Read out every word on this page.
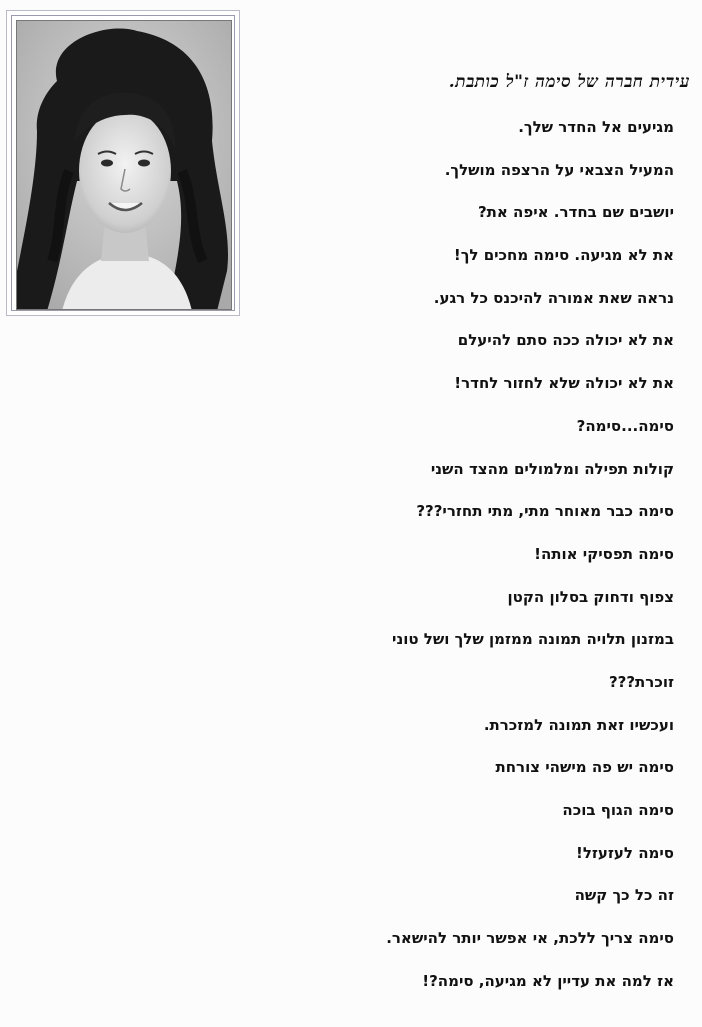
עידית חברה של סימה ז"ל כותבת.
מגיעים אל החדר שלך.
המעיל הצבאי על הרצפה מושלך.
יושבים שם בחדר. איפה את?
את לא מגיעה. סימה מחכים לך!
נראה שאת אמורה להיכנס כל רגע.
את לא יכולה ככה סתם להיעלם
את לא יכולה שלא לחזור לחדר!
סימה...סימה?
קולות תפילה ומלמולים מהצד השני
סימה כבר מאוחר מתי, מתי תחזרי???
סימה תפסיקי אותה!
צפוף ודחוק בסלון הקטן
במזנון תלויה תמונה ממזמן שלך ושל טוני
זוכרת???
ועכשיו זאת תמונה למזכרת.
סימה יש פה מישהי צורחת
סימה הגוף בוכה
סימה לעזעזל!
זה כל כך קשה
סימה צריך ללכת, אי אפשר יותר להישאר.
אז למה את עדיין לא מגיעה, סימה?!
